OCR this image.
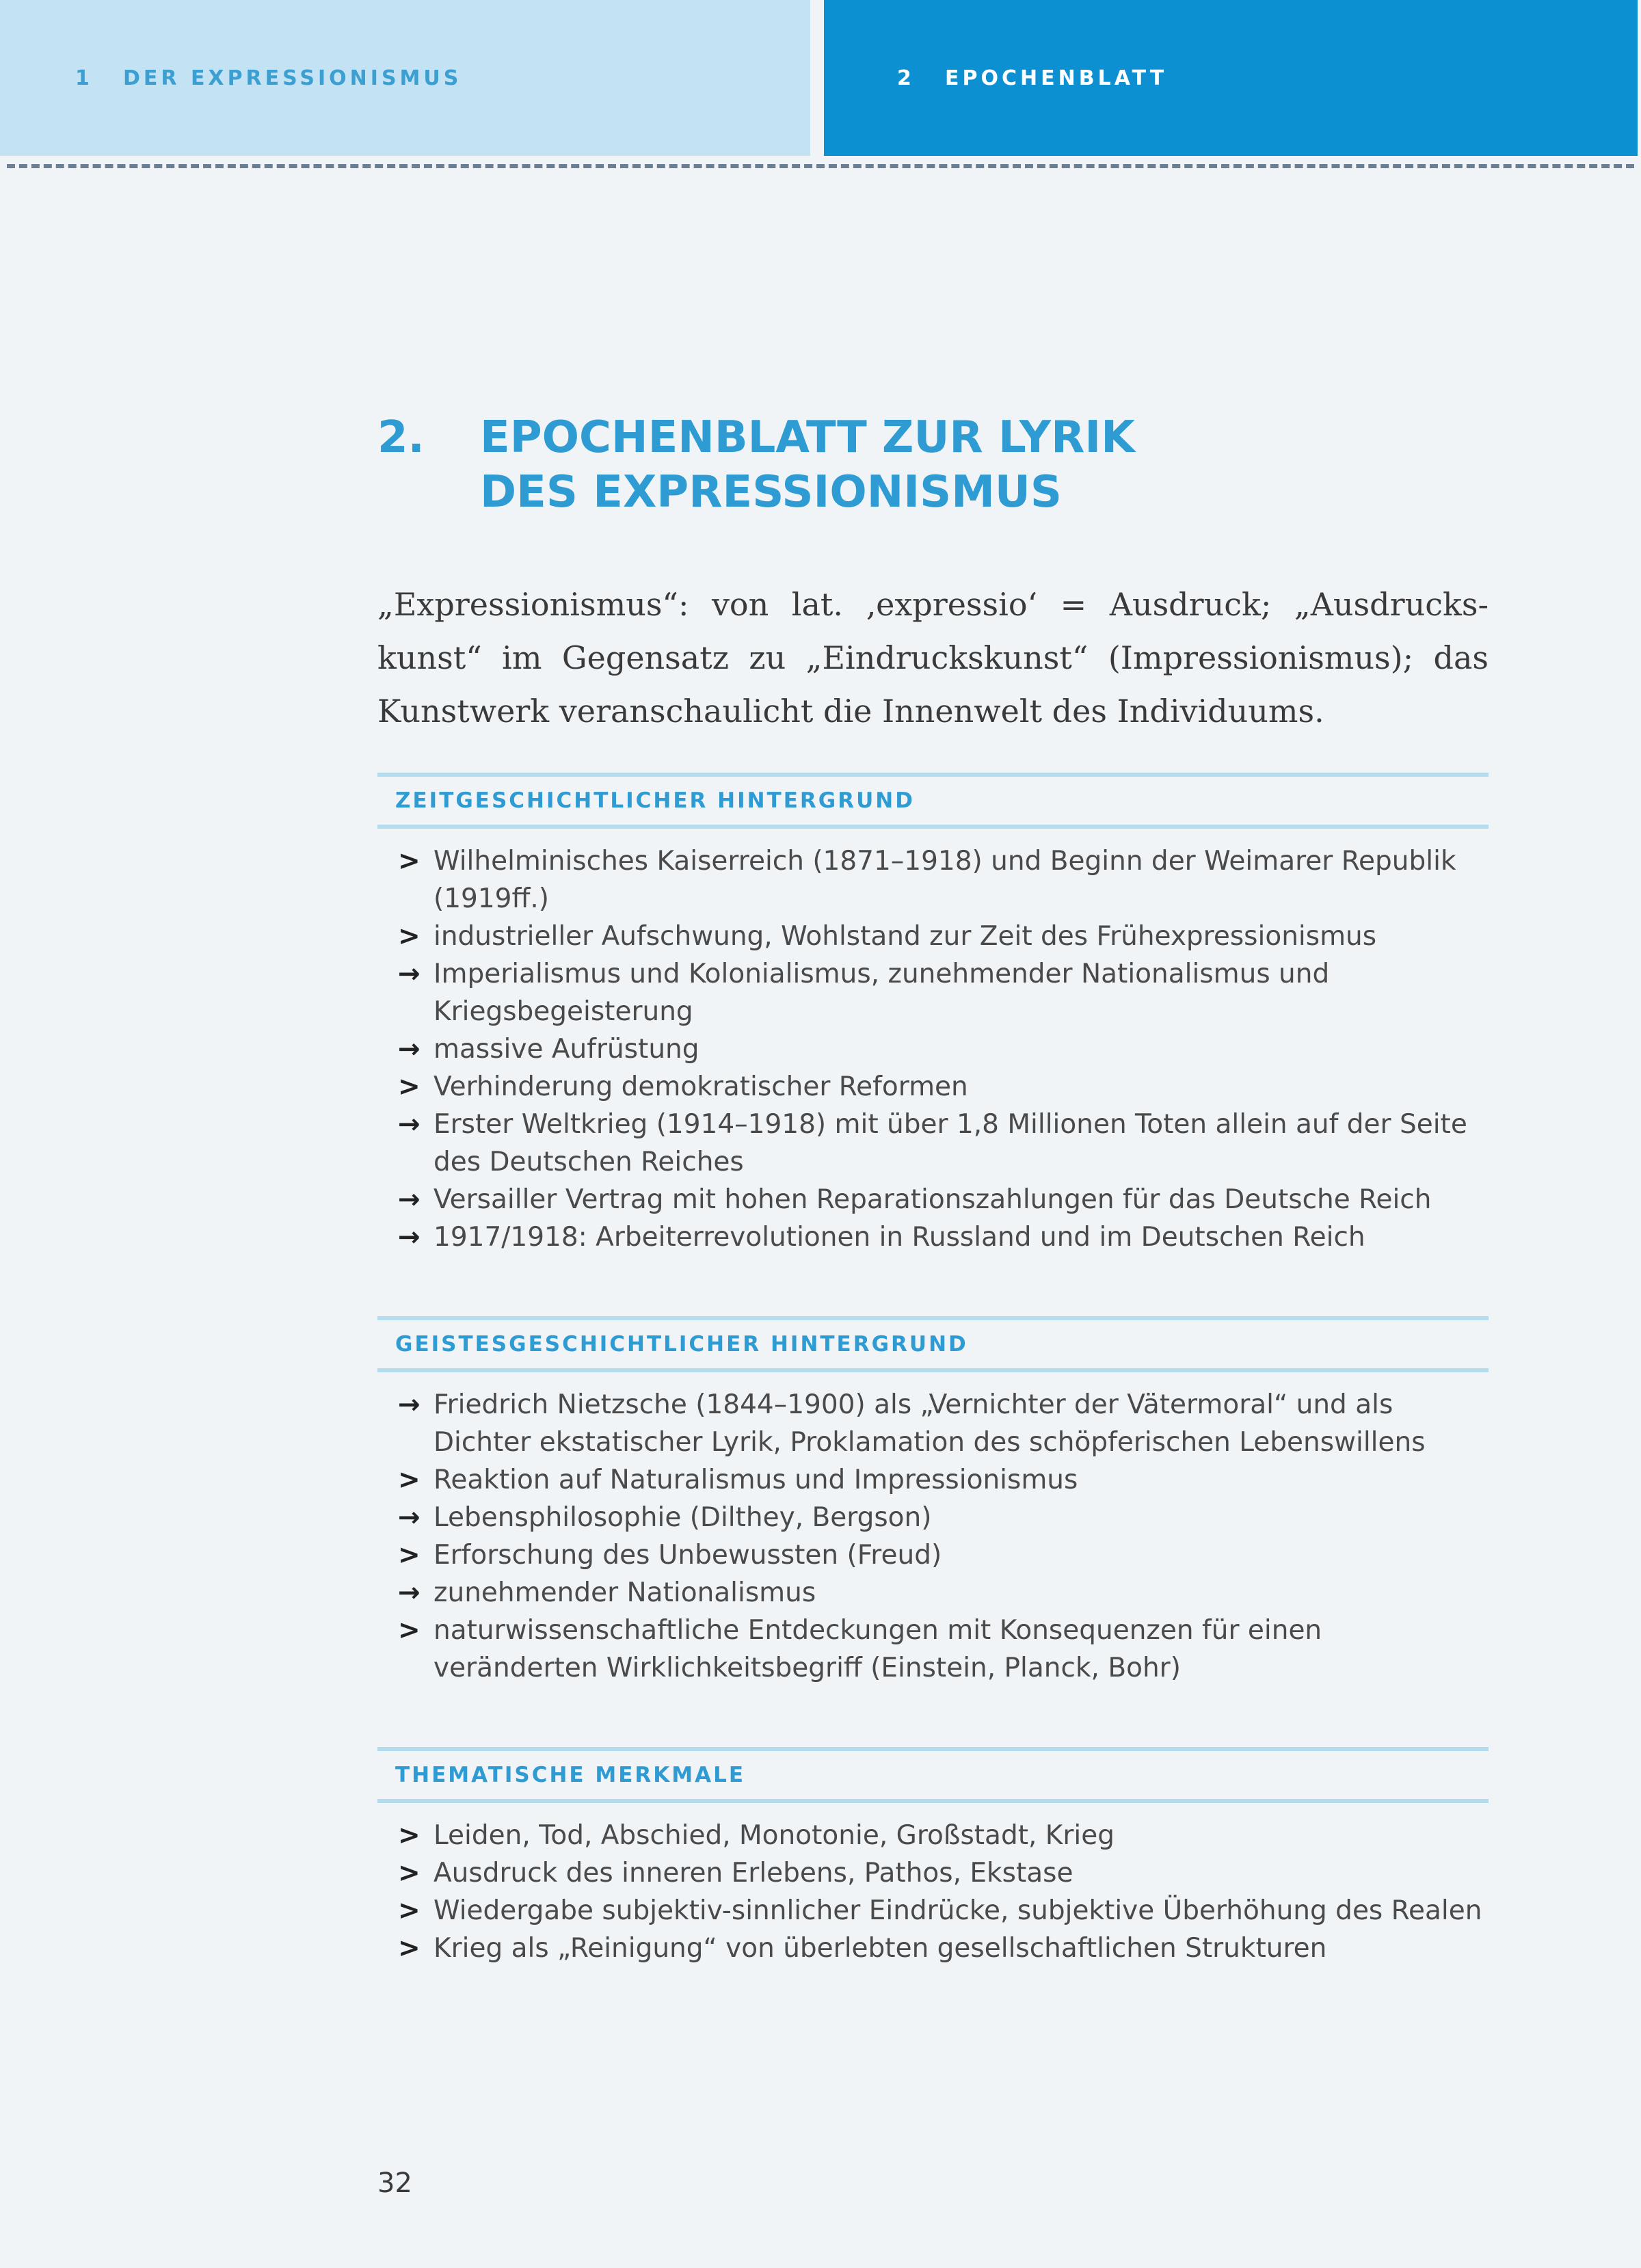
1	DER EXPRESSIONISMUS	2	EPOCHENBLATT
2.	EPOCHENBLATT ZUR LYRIK
DES EXPRESSIONISMUS
„Expressionismus“: von lat. ‚expressio‘ = Ausdruck; „Ausdrucks-kunst“ im Gegensatz zu „Eindruckskunst“ (Impressionismus); das Kunstwerk veranschaulicht die Innenwelt des Individuums.
ZEITGESCHICHTLICHER HINTERGRUND
> Wilhelminisches Kaiserreich (1871–1918) und Beginn der Weimarer Republik (1919ff.)
> industrieller Aufschwung, Wohlstand zur Zeit des Frühexpressionismus
→ Imperialismus und Kolonialismus, zunehmender Nationalismus und Kriegsbegeisterung
→ massive Aufrüstung
> Verhinderung demokratischer Reformen
→ Erster Weltkrieg (1914–1918) mit über 1,8 Millionen Toten allein auf der Seite des Deutschen Reiches
→ Versailler Vertrag mit hohen Reparationszahlungen für das Deutsche Reich
→ 1917/1918: Arbeiterrevolutionen in Russland und im Deutschen Reich
GEISTESGESCHICHTLICHER HINTERGRUND
→ Friedrich Nietzsche (1844–1900) als „Vernichter der Vätermoral“ und als Dichter ekstatischer Lyrik, Proklamation des schöpferischen Lebenswillens
> Reaktion auf Naturalismus und Impressionismus
→ Lebensphilosophie (Dilthey, Bergson)
> Erforschung des Unbewussten (Freud)
→ zunehmender Nationalismus
> naturwissenschaftliche Entdeckungen mit Konsequenzen für einen veränderten Wirklichkeitsbegriff (Einstein, Planck, Bohr)
THEMATISCHE MERKMALE
> Leiden, Tod, Abschied, Monotonie, Großstadt, Krieg
> Ausdruck des inneren Erlebens, Pathos, Ekstase
> Wiedergabe subjektiv-sinnlicher Eindrücke, subjektive Überhöhung des Realen
> Krieg als „Reinigung“ von überlebten gesellschaftlichen Strukturen
32
